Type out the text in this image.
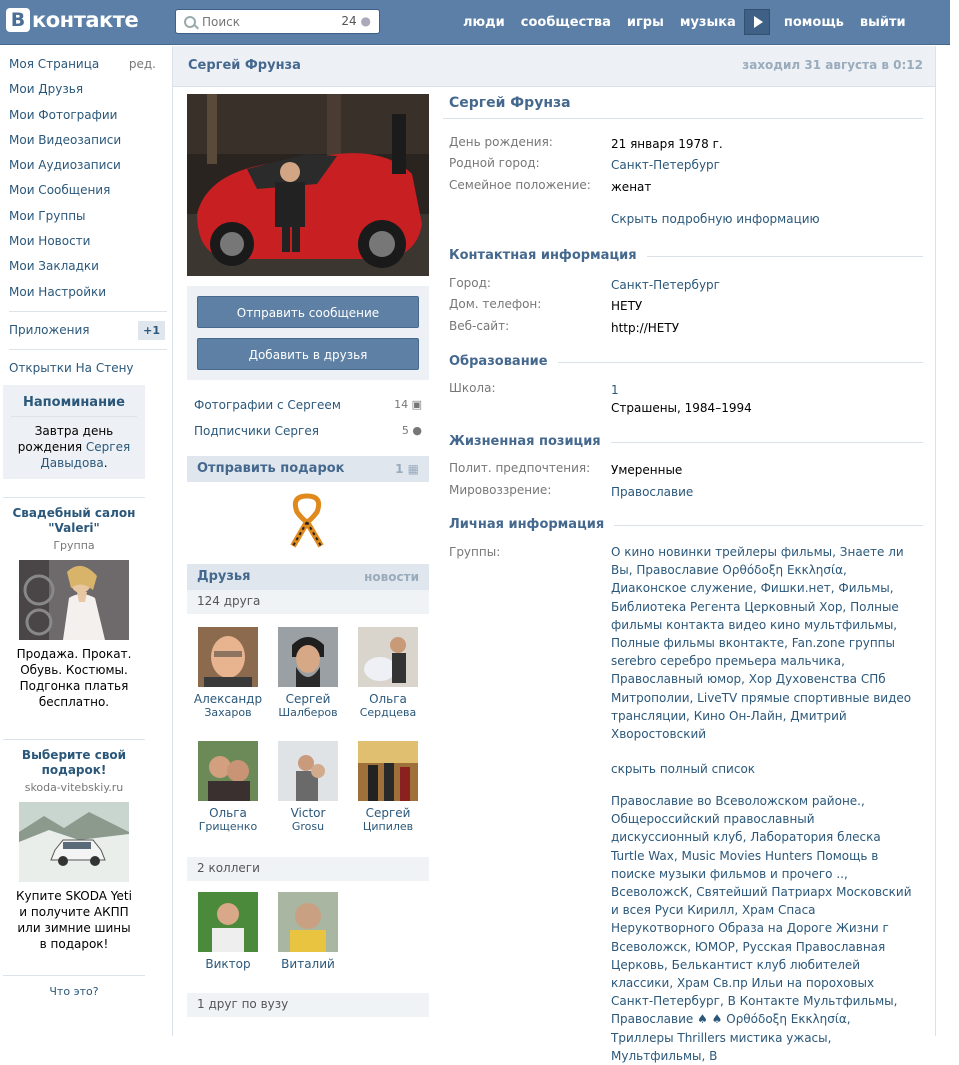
В контакте
Поиск	24 ●	люди сообщества игры музыка	помощь выйти
Моя Страница ред.
Мои Друзья
Мои Фотографии
Мои Видеозаписи
Мои Аудиозаписи
Мои Сообщения
Мои Группы
Мои Новости
Мои Закладки
Мои Настройки
Приложения	+1
Открытки На Стену
Напоминание
Завтра день
рождения Сергея
Давыдова.
Свадебный салон "Valeri"
Группа
Продажа. Прокат. Обувь. Костюмы. Подгонка платья бесплатно.
Выберите свой подарок!
skoda-vitebskiy.ru
Купите SKODA Yeti и получите АКПП или зимние шины в подарок!
Что это?
Сергей Фрунза	заходил 31 августа в 0:12
Отправить сообщение
Добавить в друзья
Фотографии с Сергеем	14 ▣
Подписчики Сергея	5 ●
Отправить подарок	1 ▦
Друзья	новости
124 друга
Александр
Захаров
Сергей
Шалберов
Ольга
Сердцева
Ольга
Грищенко
Victor
Grosu
Сергей
Ципилев
2 коллеги
Виктор	Виталий
1 друг по вузу
Сергей Фрунза
День рождения:	21 января 1978 г.
Родной город:	Санкт-Петербург
Семейное положение: женат
Скрыть подробную информацию
Контактная информация
Город:	Санкт-Петербург
Дом. телефон:	НЕТУ
Веб-сайт:	http://НЕТУ
Образование
Школа:	1
Страшены, 1984–1994
Жизненная позиция
Полит. предпочтения: Умеренные
Мировоззрение:	Православие
Личная информация
Группы:	О кино новинки трейлеры фильмы, Знаете ли Вы, Православие Ορθόδοξη Εκκλησία, Диаконское служение, Фишки.нет, Фильмы, Библиотека Регента Церковный Хор, Полные фильмы контакта видео кино мультфильмы, Полные фильмы вконтакте, Fan.zone группы serebro серебро премьера мальчика, Православный юмор, Хор Духовенства СПб Митрополии, LiveTV прямые спортивные видео трансляции, Кино Он-Лайн, Дмитрий Хворостовский
скрыть полный список
Православие во Всеволожском районе., Общероссийский православный дискуссионный клуб, Лаборатория блеска Turtle Wax, Music Movies Hunters Помощь в поиске музыки фильмов и прочего .., ВсеволожсК, Святейший Патриарх Московский и всея Руси Кирилл, Храм Спаса Нерукотворного Образа на Дороге Жизни г Всеволожск, ЮМОР, Русская Православная Церковь, Белькантист клуб любителей классики, Храм Св.пр Ильи на пороховых Санкт-Петербург, В Контакте Мультфильмы, Православие ♠ ♠ Ορθόδοξη Εκκλησία, Триллеры Thrillers мистика ужасы, Мультфильмы, В
